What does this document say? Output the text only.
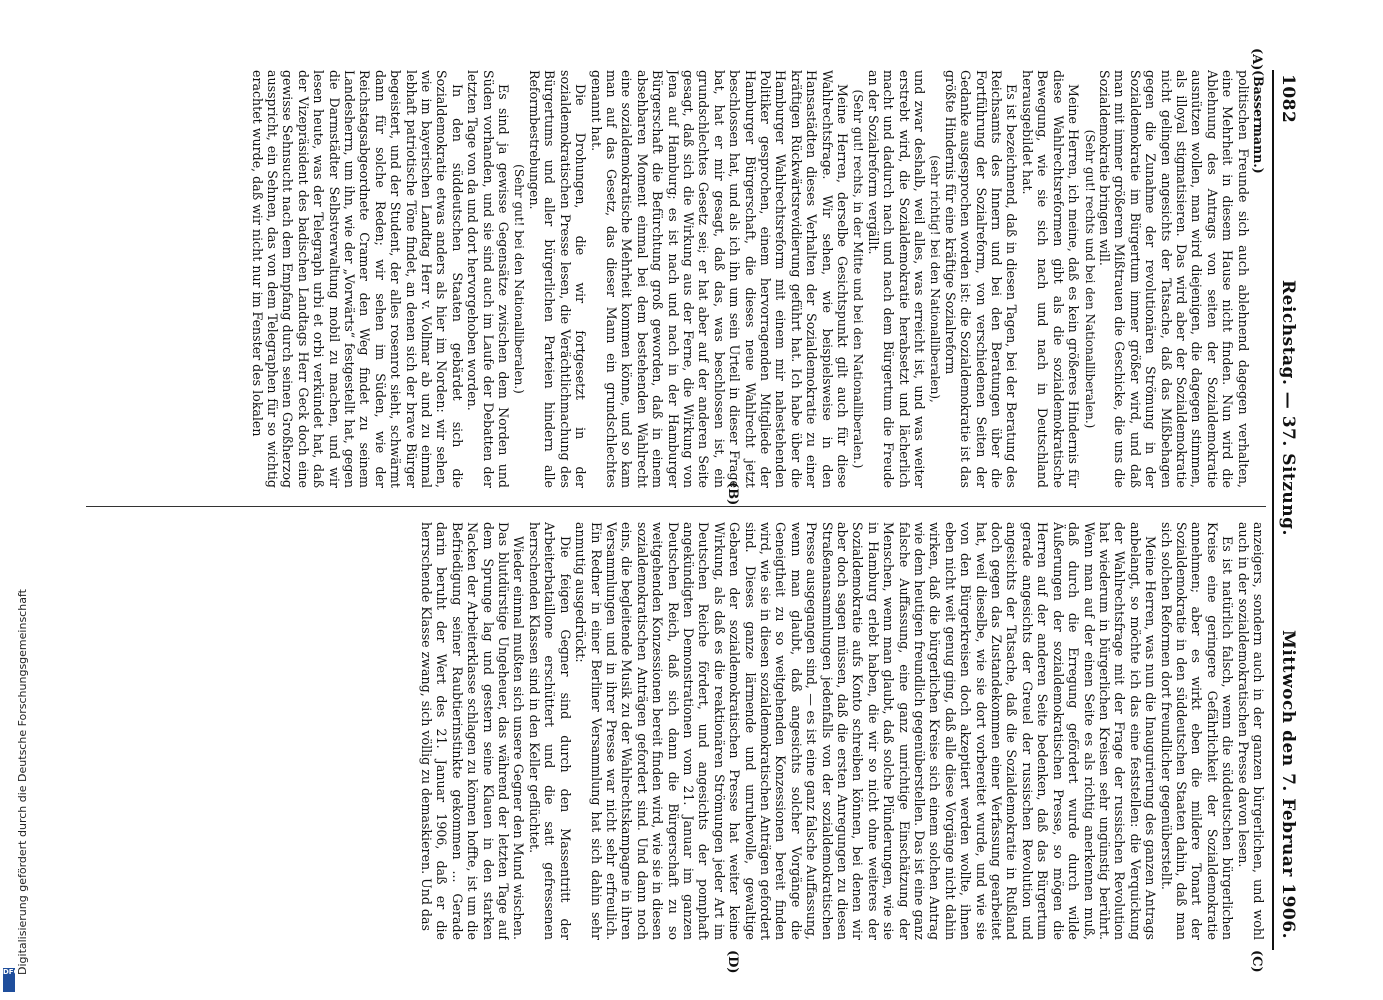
1082
Reichstag. — 37. Sitzung.
Mittwoch den 7. Februar 1906.

(Bassermann.)

politischen Freunde sich auch ablehnend dagegen verhalten, eine Mehrheit in diesem Hause nicht finden. Nun wird die Ablehnung des Antrags von seiten der Sozialdemokratie ausnützen wollen, man wird diejenigen, die dagegen stimmen, als illoyal stigmatisieren. Das wird aber der Sozialdemokratie nicht gelingen angesichts der Tatsache, daß das Mißbehagen gegen die Zunahme der revolutionären Strömung in der Sozialdemokratie im Bürgertum immer größer wird, und daß man mit immer größerem Mißtrauen die Geschicke, die uns die Sozialdemokratie bringen will.

(Sehr gut! rechts und bei den Nationalliberalen.)

Meine Herren, ich meine, daß es kein größeres Hindernis für diese Wahlrechtsreformen gibt als die sozialdemokratische Bewegung, wie sie sich nach und nach in Deutschland herausgebildet hat.

Es ist bezeichnend, daß in diesen Tagen, bei der Beratung des Reichsamts des Innern und bei den Beratungen über die Fortführung der Sozialreform, von verschiedenen Seiten der Gedanke ausgesprochen worden ist: die Sozialdemokratie ist das größte Hindernis für eine kräftige Sozialreform

(sehr richtig! bei den Nationalliberalen),

und zwar deshalb, weil alles, was erreicht ist, und was weiter erstrebt wird, die Sozialdemokratie herabsetzt und lächerlich macht und dadurch nach und nach dem Bürgertum die Freude an der Sozialreform vergällt.

(Sehr gut! rechts, in der Mitte und bei den Nationalliberalen.)

Meine Herren, derselbe Gesichtspunkt gilt auch für diese Wahlrechtsfrage. Wir sehen, wie beispielsweise in den Hansastädten dieses Verhalten der Sozialdemokratie zu einer kräftigen Rückwärtsrevidierung geführt hat. Ich habe über die Hamburger Wahlrechtsreform mit einem mir nahestehenden Politiker gesprochen, einem hervorragenden Mitgliede der Hamburger Bürgerschaft, die dieses neue Wahlrecht jetzt beschlossen hat, und als ich ihn um sein Urteil in dieser Frage bat, hat er mir gesagt, daß das, was beschlossen ist, ein grundschlechtes Gesetz sei; er hat aber auf der anderen Seite gesagt, daß sich die Wirkung aus der Ferne, die Wirkung von Jena auf Hamburg; es ist nach und nach in der Hamburger Bürgerschaft die Befürchtung groß geworden, daß in einem absehbaren Moment einmal bei dem bestehenden Wahlrecht eine sozialdemokratische Mehrheit kommen könne, und so kam man auf das Gesetz, das dieser Mann ein grundschlechtes genannt hat.

Die Drohungen, die wir fortgesetzt in der sozialdemokratischen Presse lesen, die Verächtlichmachung des Bürgertums und aller bürgerlichen Parteien hindern alle Reformbestrebungen.

(Sehr gut! bei den Nationalliberalen.)

Es sind ja gewisse Gegensätze zwischen dem Norden und Süden vorhanden, und sie sind auch im Laufe der Debatten der letzten Tage von da und dort hervorgehoben worden.

In den süddeutschen Staaten gebärdet sich die Sozialdemokratie etwas anders als hier im Norden: wir sehen, wie im bayerischen Landtag Herr v. Vollmar ab und zu einmal lebhaft patriotische Töne findet, an denen sich der brave Bürger begeistert, und der Student, der alles rosenrot sieht, schwärmt dann für solche Reden; wir sehen im Süden, wie der Reichstagsabgeordnete Cramer den Weg findet zu seinem Landesherrn, um ihn, wie der „Vorwärts“ festgestellt hat, gegen die Darmstädter Selbstverwaltung mobil zu machen, und wir lesen heute, was der Telegraph urbi et orbi verkündet hat, daß der Vizepräsident des badischen Landtags Herr Geck doch eine gewisse Sehnsucht nach dem Empfang durch seinen Großherzog ausspricht, ein Sehnen, das von dem Telegraphen für so wichtig erachtet wurde, daß wir nicht nur im Fenster des lokalen

anzeigers, sondern auch in der ganzen bürgerlichen, und wohl auch in der sozialdemokratischen Presse davon lesen.

Es ist natürlich falsch, wenn die süddeutschen bürgerlichen Kreise eine geringere Gefährlichkeit der Sozialdemokratie annehmen; aber es wirkt eben die mildere Tonart der Sozialdemokratie in den süddeutschen Staaten dahin, daß man sich solchen Reformen dort freundlicher gegenüberstellt.

Meine Herren, was nun die Inaugurierung des ganzen Antrags anbelangt, so möchte ich das eine feststellen: die Verquickung der Wahlrechtsfrage mit der Frage der russischen Revolution hat wiederum in bürgerlichen Kreisen sehr ungünstig berührt. Wenn man auf der einen Seite es als richtig anerkennen muß, daß durch die Erregung gefördert wurde durch wilde Äußerungen der sozialdemokratischen Presse, so mögen die Herren auf der anderen Seite bedenken, daß das Bürgertum gerade angesichts der Greuel der russischen Revolution und angesichts der Tatsache, daß die Sozialdemokratie in Rußland doch gegen das Zustandekommen einer Verfassung gearbeitet hat, weil dieselbe, wie sie dort vorbereitet wurde, und wie sie von den Bürgerkreisen doch akzeptiert werden wollte, ihnen eben nicht weit genug ging, daß alle diese Vorgänge nicht dahin wirken, daß die bürgerlichen Kreise sich einem solchen Antrag wie dem heutigen freundlich gegenüberstellen. Das ist eine ganz falsche Auffassung, eine ganz unrichtige Einschätzung der Menschen, wenn man glaubt, daß solche Plünderungen, wie sie in Hamburg erlebt haben, die wir so nicht ohne weiteres der Sozialdemokratie aufs Konto schreiben können, bei denen wir aber doch sagen müssen, daß die ersten Anregungen zu diesen Straßenansammlungen jedenfalls von der sozialdemokratischen Presse ausgegangen sind, — es ist eine ganz falsche Auffassung, wenn man glaubt, daß angesichts solcher Vorgänge die Geneigtheit zu so weitgehenden Konzessionen bereit finden wird, wie sie in diesen sozialdemokratischen Anträgen gefordert sind. Dieses ganze lärmende und unruhevolle, gewaltige Gebaren der sozialdemokratischen Presse hat weiter keine Wirkung, als daß es die reaktionären Strömungen jeder Art im Deutschen Reiche fördert, und angesichts der pomphaft angekündigten Demonstrationen vom 21. Januar im ganzen Deutschen Reich, daß sich dann die Bürgerschaft zu so weitgehenden Konzessionen bereit finden wird, wie sie in diesen sozialdemokratischen Anträgen gefordert sind. Und dann noch eins, die begleitende Musik zu der Wahlrechtskampagne in ihren Versammlungen und in ihrer Presse war nicht sehr erfreulich. Ein Redner in einer Berliner Versammlung hat sich dahin sehr anmutig ausgedrückt:

Die feigen Gegner sind durch den Massentritt der Arbeiterbataillone erschüttert und die satt gefressenen herrschenden Klassen sind in den Keller geflüchtet.

Wieder einmal mußten sich unsere Gegner den Mund wischen. Das blutdürstige Ungeheuer, das während der letzten Tage auf dem Sprunge lag und gestern seine Klauen in den starken Nacken der Arbeiterklasse schlagen zu können hoffte, ist um die Befriedigung seiner Raubtierinstinkte gekommen ... Gerade darin beruht der Wert des 21. Januar 1906, daß er die herrschende Klasse zwang, sich völlig zu demaskieren. Und das

(A)
(B)
(C)
(D)
DFG
Digitalisierung gefördert durch die Deutsche Forschungsgemeinschaft
